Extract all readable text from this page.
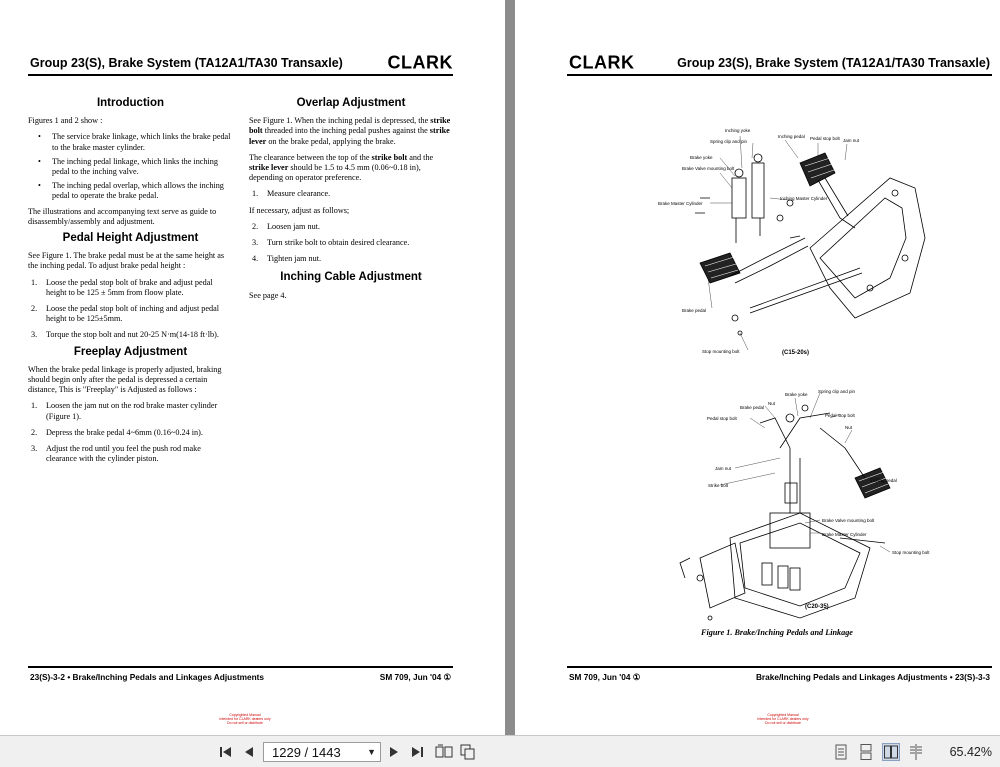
Group 23(S), Brake System (TA12A1/TA30 Transaxle) CLARK
Introduction

Figures 1 and 2 show :

• The service brake linkage, which links the brake pedal to the brake master cylinder.
• The inching pedal linkage, which links the inching pedal to the inching valve.
• The inching pedal overlap, which allows the inching pedal to operate the brake pedal.

The illustrations and accompanying text serve as guide to disassembly/assembly and adjustment.

Pedal Height Adjustment

See Figure 1. The brake pedal must be at the same height as the inching pedal. To adjust brake pedal height :

1. Loose the pedal stop bolt of brake and adjust pedal height to be 125 ± 5mm from floow plate.
2. Loose the pedal stop bolt of inching and adjust pedal height to be 125±5mm.
3. Torque the stop bolt and nut 20-25 N·m(14-18 ft·lb).
Freeplay Adjustment

When the brake pedal linkage is properly adjusted, braking should begin only after the pedal is depressed a certain distance, This is "Freeplay" is Adjusted as follows :

1. Loosen the jam nut on the rod brake master cylinder (Figure 1).
2. Depress the brake pedal 4~6mm (0.16~0.24 in).
3. Adjust the rod until you feel the push rod make clearance with the cylinder piston.
Overlap Adjustment

See Figure 1. When the inching pedal is depressed, the strike bolt threaded into the inching pedal pushes against the strike lever on the brake pedal, applying the brake.

The clearance between the top of the strike bolt and the strike lever should be 1.5 to 4.5 mm (0.06~0.18 in), depending on operator preference.

1. Measure clearance.

If necessary, adjust as follows;

2. Loosen jam nut.
3. Turn strike bolt to obtain desired clearance.
4. Tighten jam nut.
Inching Cable Adjustment

See page 4.

23(S)-3-2 • Brake/Inching Pedals and Linkages Adjustments	SM 709, Jun '04 ①
Copyrighted Manual
Intended for CLARK dealers only
Do not sell or distribute
CLARK	Group 23(S), Brake System (TA12A1/TA30 Transaxle)
Inching yoke
Spring clip and pin
Inching pedal Pedal stop bolt Jam nut
Brake yoke
Brake Valve mounting bolt
Brake Master Cylinder
Inching Master Cylinder
Brake pedal
Stop mounting bolt
Spring clip and pin
Brake yoke
Brake pedal
Nut
Pedal stop bolt
Pedal stop bolt
Nut
Jam nut
Strike bolt
Inching pedal
Brake Valve mounting bolt
Brake Master Cylinder
Stop mounting bolt
(C15-20s)
(C20-35)
Figure 1. Brake/Inching Pedals and Linkage
SM 709, Jun '04 ①	Brake/Inching Pedals and Linkages Adjustments • 23(S)-3-3
Copyrighted Manual
Intended for CLARK dealers only
Do not sell or distribute
1229 / 1443	▼	65.42%
